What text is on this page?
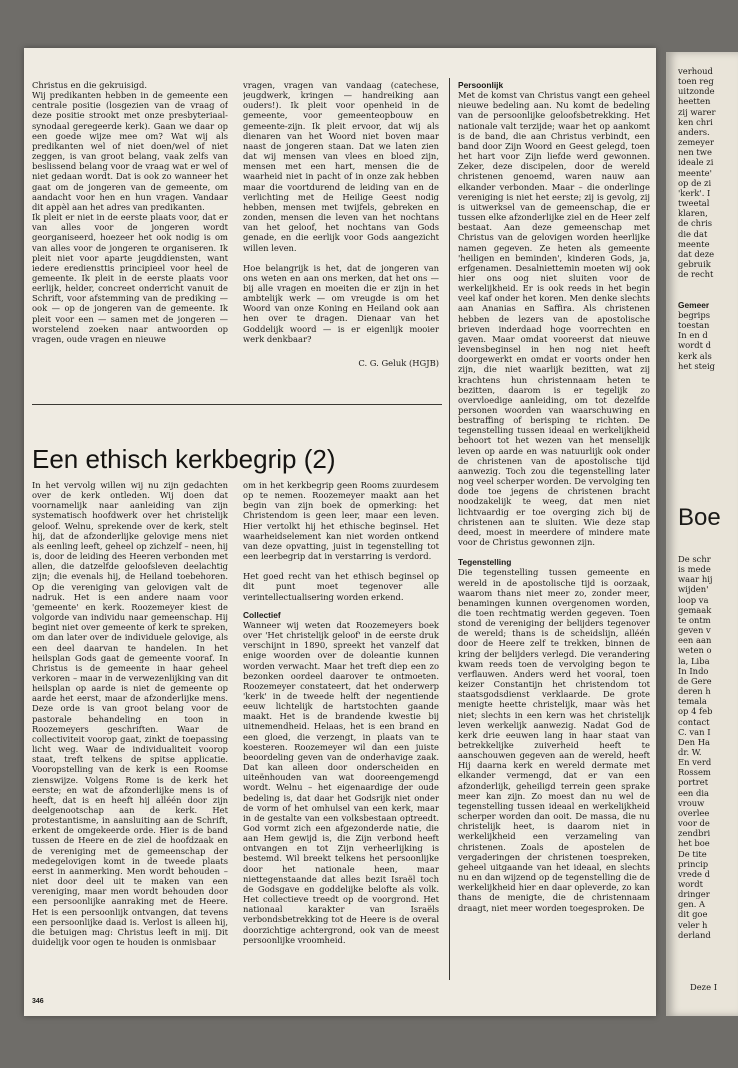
Christus en die gekruisigd.
Wij predikanten hebben in de gemeente een centrale positie (losgezien van de vraag of deze positie strookt met onze presbyteriaal-synodaal geregeerde kerk). Gaan we daar op een goede wijze mee om? Wat wij als predikanten wel of niet doen/wel of niet zeggen, is van groot belang, vaak zelfs van beslissend belang voor de vraag wat er wel of niet gedaan wordt. Dat is ook zo wanneer het gaat om de jongeren van de gemeente, om aandacht voor hen en hun vragen. Vandaar dit appèl aan het adres van predikanten.

Ik pleit er niet in de eerste plaats voor, dat er van alles voor de jongeren wordt georganiseerd, hoezeer het ook nodig is om van alles voor de jongeren te organiseren. Ik pleit niet voor aparte jeugddiensten, want iedere erediensttis principieel voor heel de gemeente. Ik pleit in de eerste plaats voor eerlijk, helder, concreet onderricht vanuit de Schrift, voor afstemming van de prediking — ook — op de jongeren van de gemeente. Ik pleit voor een — samen met de jongeren — worstelend zoeken naar antwoorden op vragen, oude vragen en nieuwe

vragen, vragen van vandaag (catechese, jeugdwerk, kringen — handreiking aan ouders!). Ik pleit voor openheid in de gemeente, voor gemeenteopbouw en gemeente-zijn. Ik pleit ervoor, dat wij als dienaren van het Woord niet boven maar naast de jongeren staan. Dat we laten zien dat wij mensen van vlees en bloed zijn, mensen met een hart, mensen die de waarheid niet in pacht of in onze zak hebben maar die voortdurend de leiding van en de verlichting met de Heilige Geest nodig hebben, mensen met twijfels, gebreken en zonden, mensen die leven van het nochtans van het geloof, het nochtans van Gods genade, en die eerlijk voor Gods aangezicht willen leven.

Hoe belangrijk is het, dat de jongeren van ons weten en aan ons merken, dat het ons — bij alle vragen en moeiten die er zijn in het ambtelijk werk — om vreugde is om het Woord van onze Koning en Heiland ook aan hen over te dragen. Dienaar van het Goddelijk woord — is er eigenlijk mooier werk denkbaar?

C. G. Geluk (HGJB)

Een ethisch kerkbegrip (2)

In het vervolg willen wij nu zijn gedachten over de kerk ontleden. Wij doen dat voornamelijk naar aanleiding van zijn systematisch hoofdwerk over het christelijk geloof. Welnu, sprekende over de kerk, stelt hij, dat de afzonderlijke gelovige mens niet als eenling leeft, geheel op zichzelf – neen, hij is, door de leiding des Heeren verbonden met allen, die datzelfde geloofsleven deelachtig zijn; die evenals hij, de Heiland toebehoren. Op die vereniging van gelovigen valt de nadruk. Het is een andere naam voor 'gemeente' en kerk. Roozemeyer kiest de volgorde van individu naar gemeenschap. Hij begint niet over gemeente of kerk te spreken, om dan later over de individuele gelovige, als een deel daarvan te handelen. In het heilsplan Gods gaat de gemeente vooraf. In Christus is de gemeente in haar geheel verkoren – maar in de verwezenlijking van dit heilsplan op aarde is niet de gemeente op aarde het eerst, maar de afzonderlijke mens. Deze orde is van groot belang voor de pastorale behandeling en toon in Roozemeyers geschriften. Waar de collectiviteit voorop gaat, zinkt de toepassing licht weg. Waar de individualiteit voorop staat, treft telkens de spitse applicatie. Vooropstelling van de kerk is een Roomse zienswijze. Volgens Rome is de kerk het eerste; en wat de afzonderlijke mens is of heeft, dat is en heeft hij alléén door zijn deelgenootschap aan de kerk. Het protestantisme, in aansluiting aan de Schrift, erkent de omgekeerde orde. Hier is de band tussen de Heere en de ziel de hoofdzaak en de vereniging met de gemeenschap der medegelovigen komt in de tweede plaats eerst in aanmerking. Men wordt behouden – niet door deel uit te maken van een vereniging, maar men wordt behouden door een persoonlijke aanraking met de Heere. Het is een persoonlijk ontvangen, dat tevens een persoonlijke daad is. Verlost is alleen hij, die betuigen mag: Christus leeft in mij. Dit duidelijk voor ogen te houden is onmisbaar

om in het kerkbegrip geen Rooms zuurdesem op te nemen. Roozemeyer maakt aan het begin van zijn boek de opmerking: het Christendom is geen leer, maar een leven. Hier vertolkt hij het ethische beginsel. Het waarheidselement kan niet worden ontkend van deze opvatting, juist in tegenstelling tot een leerbegrip dat in verstarring is verdord.

Het goed recht van het ethisch beginsel op dit punt moet tegenover alle verintellectualisering worden erkend.

Collectief

Wanneer wij weten dat Roozemeyers boek over 'Het christelijk geloof' in de eerste druk verschijnt in 1890, spreekt het vanzelf dat enige woorden over de doleantie kunnen worden verwacht. Maar het treft diep een zo bezonken oordeel daarover te ontmoeten. Roozemeyer constateert, dat het onderwerp 'kerk' in de tweede helft der negentiende eeuw lichtelijk de hartstochten gaande maakt. Het is de brandende kwestie bij uitnemendheid. Helaas, het is een brand en een gloed, die verzengt, in plaats van te koesteren. Roozemeyer wil dan een juiste beoordeling geven van de onderhavige zaak. Dat kan alleen door onderscheiden en uiteënhouden van wat dooreengemengd wordt. Welnu – het eigenaardige der oude bedeling is, dat daar het Godsrijk niet onder de vorm of het omhulsel van een kerk, maar in de gestalte van een volksbestaan optreedt. God vormt zich een afgezonderde natie, die aan Hem gewijd is, die Zijn verbond heeft ontvangen en tot Zijn verheerlijking is bestemd. Wil breekt telkens het persoonlijke door het nationale heen, maar niettegenstaande dat alles bezit Israël toch de Godsgave en goddelijke belofte als volk. Het collectieve treedt op de voorgrond. Het nationaal karakter van Israëls verbondsbetrekking tot de Heere is de overal doorzichtige achtergrond, ook van de meest persoonlijke vroomheid.

Persoonlijk

Met de komst van Christus vangt een geheel nieuwe bedeling aan. Nu komt de bedeling van de persoonlijke geloofsbetrekking. Het nationale valt terzijde; waar het op aankomt is de band, die aan Christus verbindt, een band door Zijn Woord en Geest gelegd, toen het hart voor Zijn liefde werd gewonnen. Zeker, deze discipelen, door de wereld christenen genoemd, waren nauw aan elkander verbonden. Maar – die onderlinge vereniging is niet het eerste; zij is gevolg, zij is uitwerksel van de gemeenschap, die er tussen elke afzonderlijke ziel en de Heer zelf bestaat. Aan deze gemeenschap met Christus van de gelovigen worden heerlijke namen gegeven. Ze heten als gemeente 'heiligen en beminden', kinderen Gods, ja, erfgenamen. Desalniettemin moeten wij ook hier ons oog niet sluiten voor de werkelijkheid. Er is ook reeds in het begin veel kaf onder het koren. Men denke slechts aan Ananias en Saffira. Als christenen hebben de lezers van de apostolische brieven inderdaad hoge voorrechten en gaven. Maar omdat vooreerst dat nieuwe levensbeginsel in hen nog niet heeft doorgewerkt en omdat er voorts onder hen zijn, die niet waarlijk bezitten, wat zij krachtens hun christennaam heten te bezitten, daarom is er tegelijk zo overvloedige aanleiding, om tot dezelfde personen woorden van waarschuwing en bestraffing of berisping te richten. De tegenstelling tussen ideaal en werkelijkheid behoort tot het wezen van het menselijk leven op aarde en was natuurlijk ook onder de christenen van de apostolische tijd aanwezig. Toch zou die tegenstelling later nog veel scherper worden. De vervolging ten dode toe jegens de christenen bracht noodzakelijk te weeg, dat men niet lichtvaardig er toe overging zich bij de christenen aan te sluiten. Wie deze stap deed, moest in meerdere of mindere mate voor de Christus gewonnen zijn.

Tegenstelling

Die tegenstelling tussen gemeente en wereld in de apostolische tijd is oorzaak, waarom thans niet meer zo, zonder meer, benamingen kunnen overgenomen worden, die toen rechtmatig werden gegeven. Toen stond de vereniging der belijders tegenover de wereld; thans is de scheidslijn, alléén door de Heere zelf te trekken, binnen de kring der belijders verlegd. Die verandering kwam reeds toen de vervolging begon te verflauwen. Anders werd het vooral, toen keizer Constantijn het christendom tot staatsgodsdienst verklaarde. De grote menigte heette christelijk, maar wàs het niet; slechts in een kern was het christelijk leven werkelijk aanwezig. Nadat God de kerk drie eeuwen lang in haar staat van betrekkelijke zuiverheid heeft te aanschouwen gegeven aan de wereld, heeft Hij daarna kerk en wereld dermate met elkander vermengd, dat er van een afzonderlijk, geheiligd terrein geen sprake meer kan zijn. Zo moest dan nu wel de tegenstelling tussen ideaal en werkelijkheid scherper worden dan ooit. De massa, die nu christelijk heet, is daarom niet in werkelijkheid een verzameling van christenen. Zoals de apostelen de vergaderingen der christenen toespreken, geheel uitgaande van het ideaal, en slechts nu en dan wijzend op de tegenstelling die de werkelijkheid hier en daar opleverde, zo kan thans de menigte, die de christennaam draagt, niet meer worden toegesproken. De

346
verhoud
toen reg
uitzonde
heetten
zij warer
ken chri
anders.
zemeyer
nen twe
ideale zi
meente'
op de zi
'kerk'. I
tweetal
klaren,
de chris
die dat
meente
dat deze
gebruik
de recht
Gemeer
begrips
toestan
In en d
wordt d
kerk als
het steig
Boe
De schr
is mede
waar hij
wijden'
loop va
gemaak
te ontm
geven v
een aan
weten o
la, Liba
In Indo
de Gere
deren h
temala
op 4 feb
contact
C. van I
Den Ha
dr. W.
En verd
Rossem
portret
een dia
vrouw
overlee
voor de
zendbri
het boe
De tite
princip
vrede d
wordt
dringer
gen. A
dit goe
veler h
derland
Deze I
